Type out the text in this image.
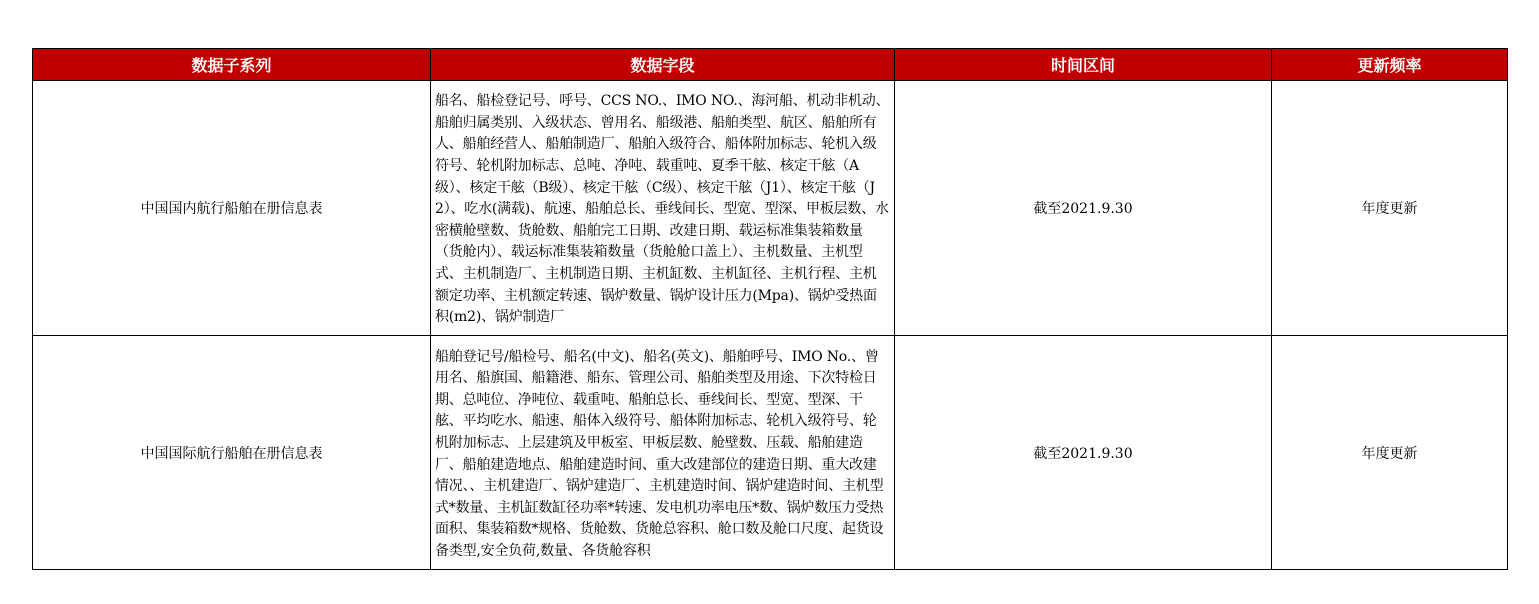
数据子系列	数据字段	时间区间	更新频率
中国国内航行船舶在册信息表	船名、船检登记号、呼号、CCS NO.、IMO NO.、海河船、机动非机动、船舶归属类别、入级状态、曾用名、船级港、船舶类型、航区、船舶所有人、船舶经营人、船舶制造厂、船舶入级符合、船体附加标志、轮机入级符号、轮机附加标志、总吨、净吨、载重吨、夏季干舷、核定干舷（A级）、核定干舷（B级）、核定干舷（C级）、核定干舷（J1）、核定干舷（J2）、吃水(满载)、航速、船舶总长、垂线间长、型宽、型深、甲板层数、水密横舱壁数、货舱数、船舶完工日期、改建日期、载运标准集装箱数量（货舱内）、载运标准集装箱数量（货舱舱口盖上）、主机数量、主机型式、主机制造厂、主机制造日期、主机缸数、主机缸径、主机行程、主机额定功率、主机额定转速、锅炉数量、锅炉设计压力(Mpa)、锅炉受热面积(m2)、锅炉制造厂	截至2021.9.30	年度更新
中国国际航行船舶在册信息表	船舶登记号/船检号、船名(中文)、船名(英文)、船舶呼号、IMO No.、曾用名、船旗国、船籍港、船东、管理公司、船舶类型及用途、下次特检日期、总吨位、净吨位、载重吨、船舶总长、垂线间长、型宽、型深、干舷、平均吃水、船速、船体入级符号、船体附加标志、轮机入级符号、轮机附加标志、上层建筑及甲板室、甲板层数、舱壁数、压载、船舶建造厂、船舶建造地点、船舶建造时间、重大改建部位的建造日期、重大改建情况、、主机建造厂、锅炉建造厂、主机建造时间、锅炉建造时间、主机型式*数量、主机缸数缸径功率*转速、发电机功率电压*数、锅炉数压力受热面积、集装箱数*规格、货舱数、货舱总容积、舱口数及舱口尺度、起货设备类型,安全负荷,数量、各货舱容积	截至2021.9.30	年度更新
